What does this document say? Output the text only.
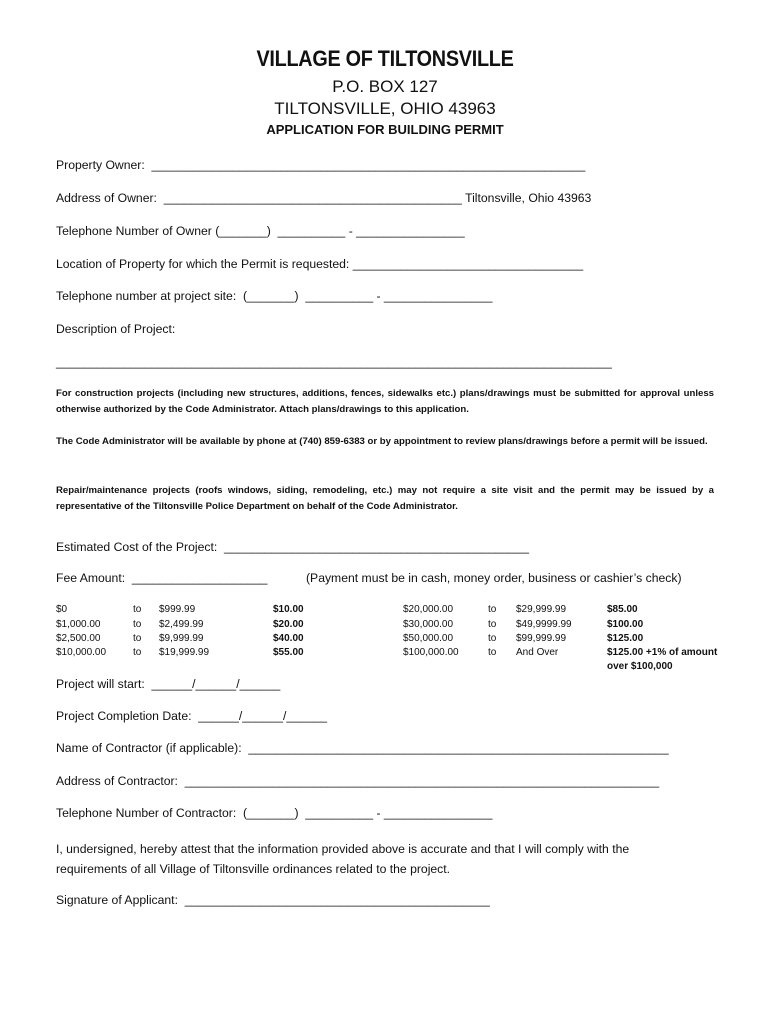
VILLAGE OF TILTONSVILLE
P.O. BOX 127
TILTONSVILLE, OHIO 43963
APPLICATION FOR BUILDING PERMIT
Property Owner:  ________________________________________________________________
Address of Owner:  ____________________________________________ Tiltonsville, Ohio 43963
Telephone Number of Owner (_______)  __________ - ________________
Location of Property for which the Permit is requested: __________________________________
Telephone number at project site:  (_______)  __________ - ________________
Description of Project:
__________________________________________________________________________________
For construction projects (including new structures, additions, fences, sidewalks etc.) plans/drawings must be submitted for approval unless otherwise authorized by the Code Administrator. Attach plans/drawings to this application.
The Code Administrator will be available by phone at (740) 859-6383 or by appointment to review plans/drawings before a permit will be issued.
Repair/maintenance projects (roofs windows, siding, remodeling, etc.) may not require a site visit and the permit may be issued by a representative of the Tiltonsville Police Department on behalf of the Code Administrator.
Estimated Cost of the Project:  _____________________________________________
Fee Amount:  ____________________	(Payment must be in cash, money order, business or cashier’s check)
$0	to $999.99	$10.00
$1,000.00	to $2,499.99	$20.00
$2,500.00	to $9,999.99	$40.00
$10,000.00	to $19,999.99	$55.00
$20,000.00	to $29,999.99	$85.00
$30,000.00	to $49,9999.99	$100.00
$50,000.00	to $99,999.99	$125.00
$100,000.00	to And Over	$125.00 +1% of amount
over $100,000
Project will start:  ______/______/______
Project Completion Date:  ______/______/______
Name of Contractor (if applicable):  ______________________________________________________________
Address of Contractor:  ______________________________________________________________________
Telephone Number of Contractor:  (_______)  __________ - ________________
I, undersigned, hereby attest that the information provided above is accurate and that I will comply with the requirements of all Village of Tiltonsville ordinances related to the project.
Signature of Applicant:  _____________________________________________
